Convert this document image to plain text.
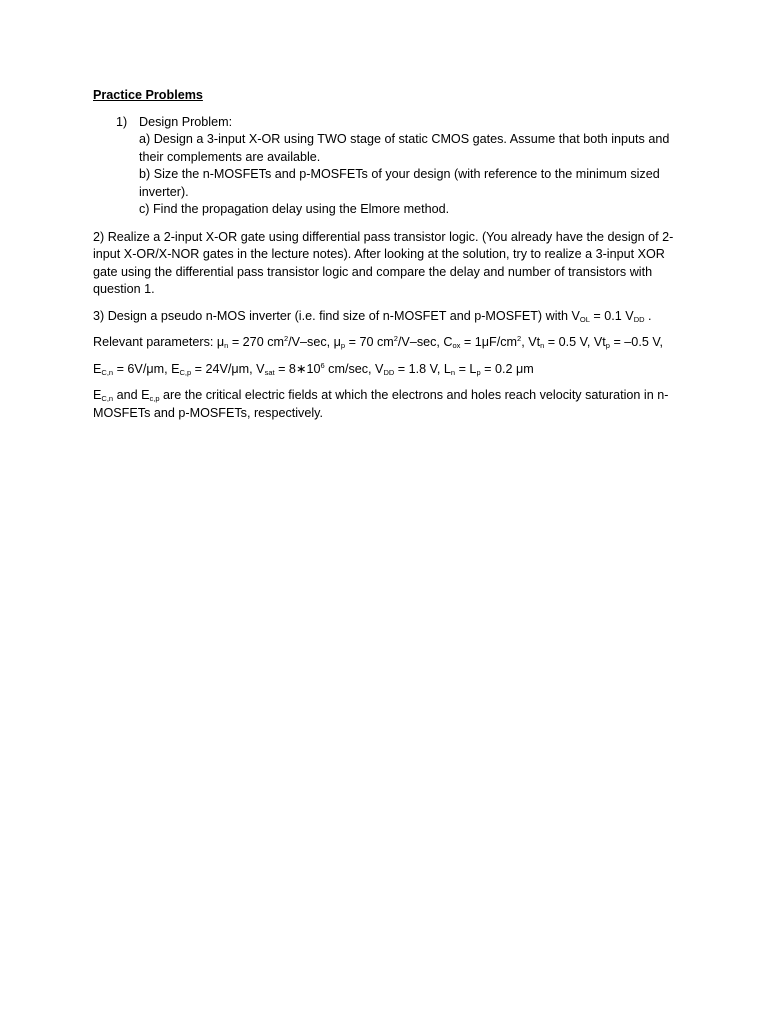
Practice Problems
1) Design Problem:
a) Design a 3-input X-OR using TWO stage of static CMOS gates. Assume that both inputs and their complements are available.
b) Size the n-MOSFETs and p-MOSFETs of your design (with reference to the minimum sized inverter).
c) Find the propagation delay using the Elmore method.

2) Realize a 2-input X-OR gate using differential pass transistor logic. (You already have the design of 2-input X-OR/X-NOR gates in the lecture notes). After looking at the solution, try to realize a 3-input XOR gate using the differential pass transistor logic and compare the delay and number of transistors with question 1.

3) Design a pseudo n-MOS inverter (i.e. find size of n-MOSFET and p-MOSFET) with $V_{OL} = 0.1$ $V_{DD}$ .

Relevant parameters: $\mu_n = 270$ $cm^2/V-\sec$, $\mu_p = 70$ $cm^2/V-\sec$, $C_{ox} = 1\mu F/cm^2$, $Vt_n = 0.5$ V, $Vt_p = -0.5$ V,

$E_{C,n} = 6V/\mu m$, $E_{C,p} = 24V/\mu m$, $V_{sat}$ = $8∗10^6$ cm/sec, $V_{DD} = 1.8$ V, $L_n = L_p = 0.2$ μm

$E_{C,n}$ and $E_{c,p}$ are the critical electric fields at which the electrons and holes reach velocity saturation in n-MOSFETs and p-MOSFETs, respectively.
